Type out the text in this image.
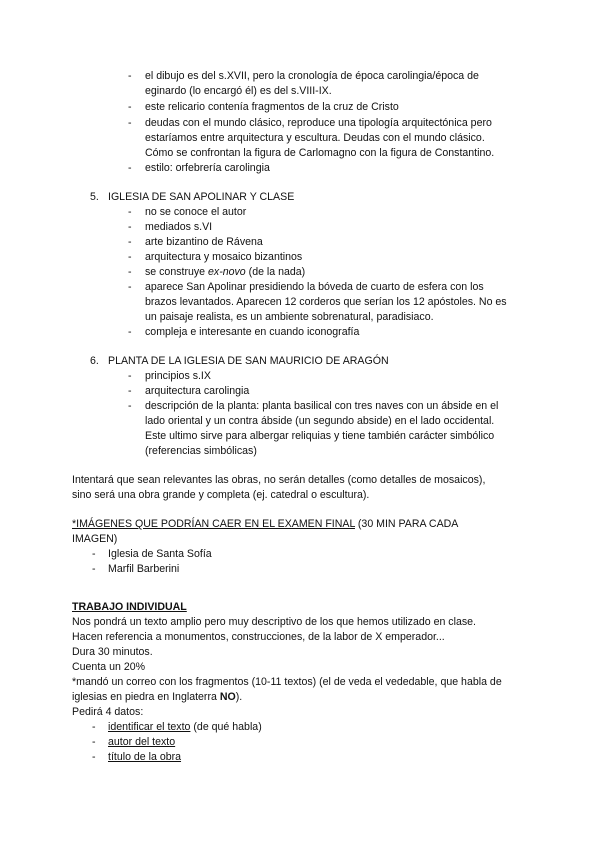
- el dibujo es del s.XVII, pero la cronología de época carolingia/época de
eginardo (lo encargó él) es del s.VIII-IX.
- este relicario contenía fragmentos de la cruz de Cristo
- deudas con el mundo clásico, reproduce una tipología arquitectónica pero
estaríamos entre arquitectura y escultura. Deudas con el mundo clásico.
Cómo se confrontan la figura de Carlomagno con la figura de Constantino.
- estilo: orfebrería carolingia
5. IGLESIA DE SAN APOLINAR Y CLASE
- no se conoce el autor
- mediados s.VI
- arte bizantino de Rávena
- arquitectura y mosaico bizantinos
- se construye ex-novo (de la nada)
- aparece San Apolinar presidiendo la bóveda de cuarto de esfera con los
brazos levantados. Aparecen 12 corderos que serían los 12 apóstoles. No es
un paisaje realista, es un ambiente sobrenatural, paradisiaco.
- compleja e interesante en cuando iconografía
6. PLANTA DE LA IGLESIA DE SAN MAURICIO DE ARAGÓN
- principios s.IX
- arquitectura carolingia
- descripción de la planta: planta basilical con tres naves con un ábside en el
lado oriental y un contra ábside (un segundo abside) en el lado occidental.
Este ultimo sirve para albergar reliquias y tiene también carácter simbólico
(referencias simbólicas)
Intentará que sean relevantes las obras, no serán detalles (como detalles de mosaicos),
sino será una obra grande y completa (ej. catedral o escultura).
*IMÁGENES QUE PODRÍAN CAER EN EL EXAMEN FINAL (30 MIN PARA CADA
IMAGEN)
- Iglesia de Santa Sofía
- Marfil Barberini
TRABAJO INDIVIDUAL
Nos pondrá un texto amplio pero muy descriptivo de los que hemos utilizado en clase.
Hacen referencia a monumentos, construcciones, de la labor de X emperador...
Dura 30 minutos.
Cuenta un 20%
*mandó un correo con los fragmentos (10-11 textos) (el de veda el vededable, que habla de
iglesias en piedra en Inglaterra NO).
Pedirá 4 datos:
- identificar el texto (de qué habla)
- autor del texto
- título de la obra
